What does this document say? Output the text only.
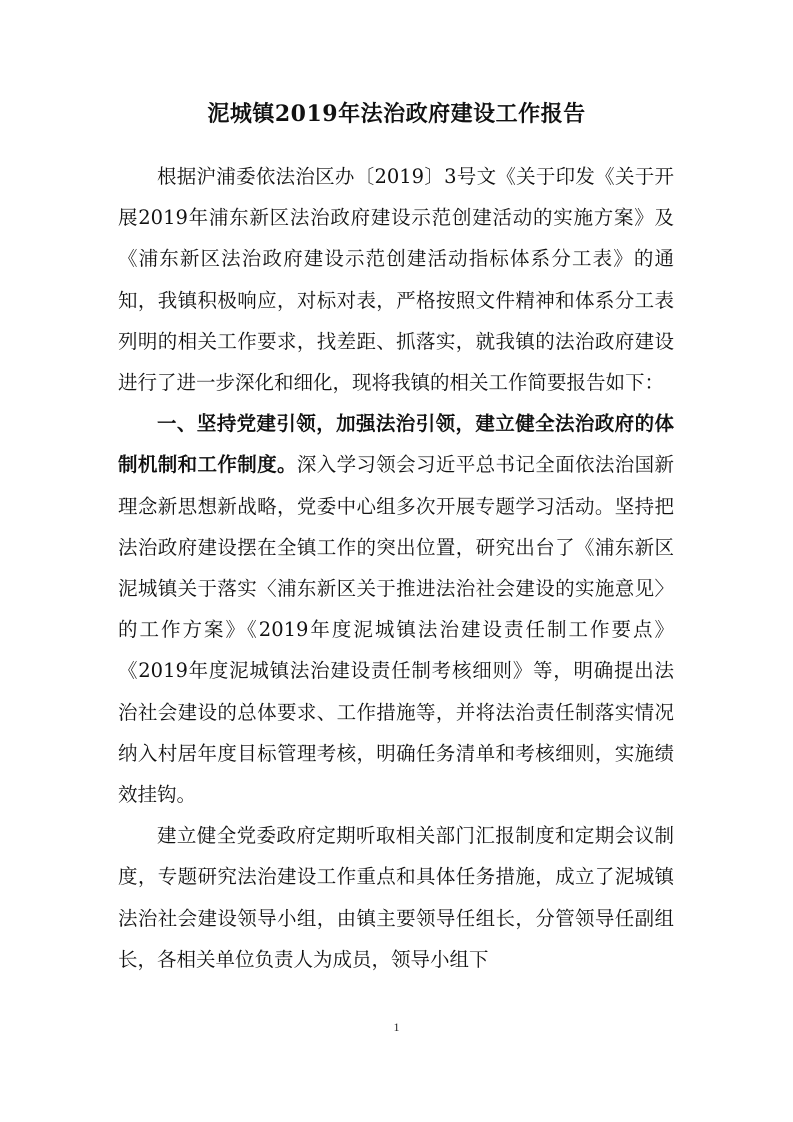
泥城镇2019年法治政府建设工作报告

根据沪浦委依法治区办〔2019〕3号文《关于印发《关于开展2019年浦东新区法治政府建设示范创建活动的实施方案》及《浦东新区法治政府建设示范创建活动指标体系分工表》的通知，我镇积极响应，对标对表，严格按照文件精神和体系分工表列明的相关工作要求，找差距、抓落实，就我镇的法治政府建设进行了进一步深化和细化，现将我镇的相关工作简要报告如下：

一、坚持党建引领，加强法治引领，建立健全法治政府的体制机制和工作制度。深入学习领会习近平总书记全面依法治国新理念新思想新战略，党委中心组多次开展专题学习活动。坚持把法治政府建设摆在全镇工作的突出位置，研究出台了《浦东新区泥城镇关于落实〈浦东新区关于推进法治社会建设的实施意见〉的工作方案》《2019年度泥城镇法治建设责任制工作要点》《2019年度泥城镇法治建设责任制考核细则》等，明确提出法治社会建设的总体要求、工作措施等，并将法治责任制落实情况纳入村居年度目标管理考核，明确任务清单和考核细则，实施绩效挂钩。

建立健全党委政府定期听取相关部门汇报制度和定期会议制度，专题研究法治建设工作重点和具体任务措施，成立了泥城镇法治社会建设领导小组，由镇主要领导任组长，分管领导任副组长，各相关单位负责人为成员，领导小组下

1
